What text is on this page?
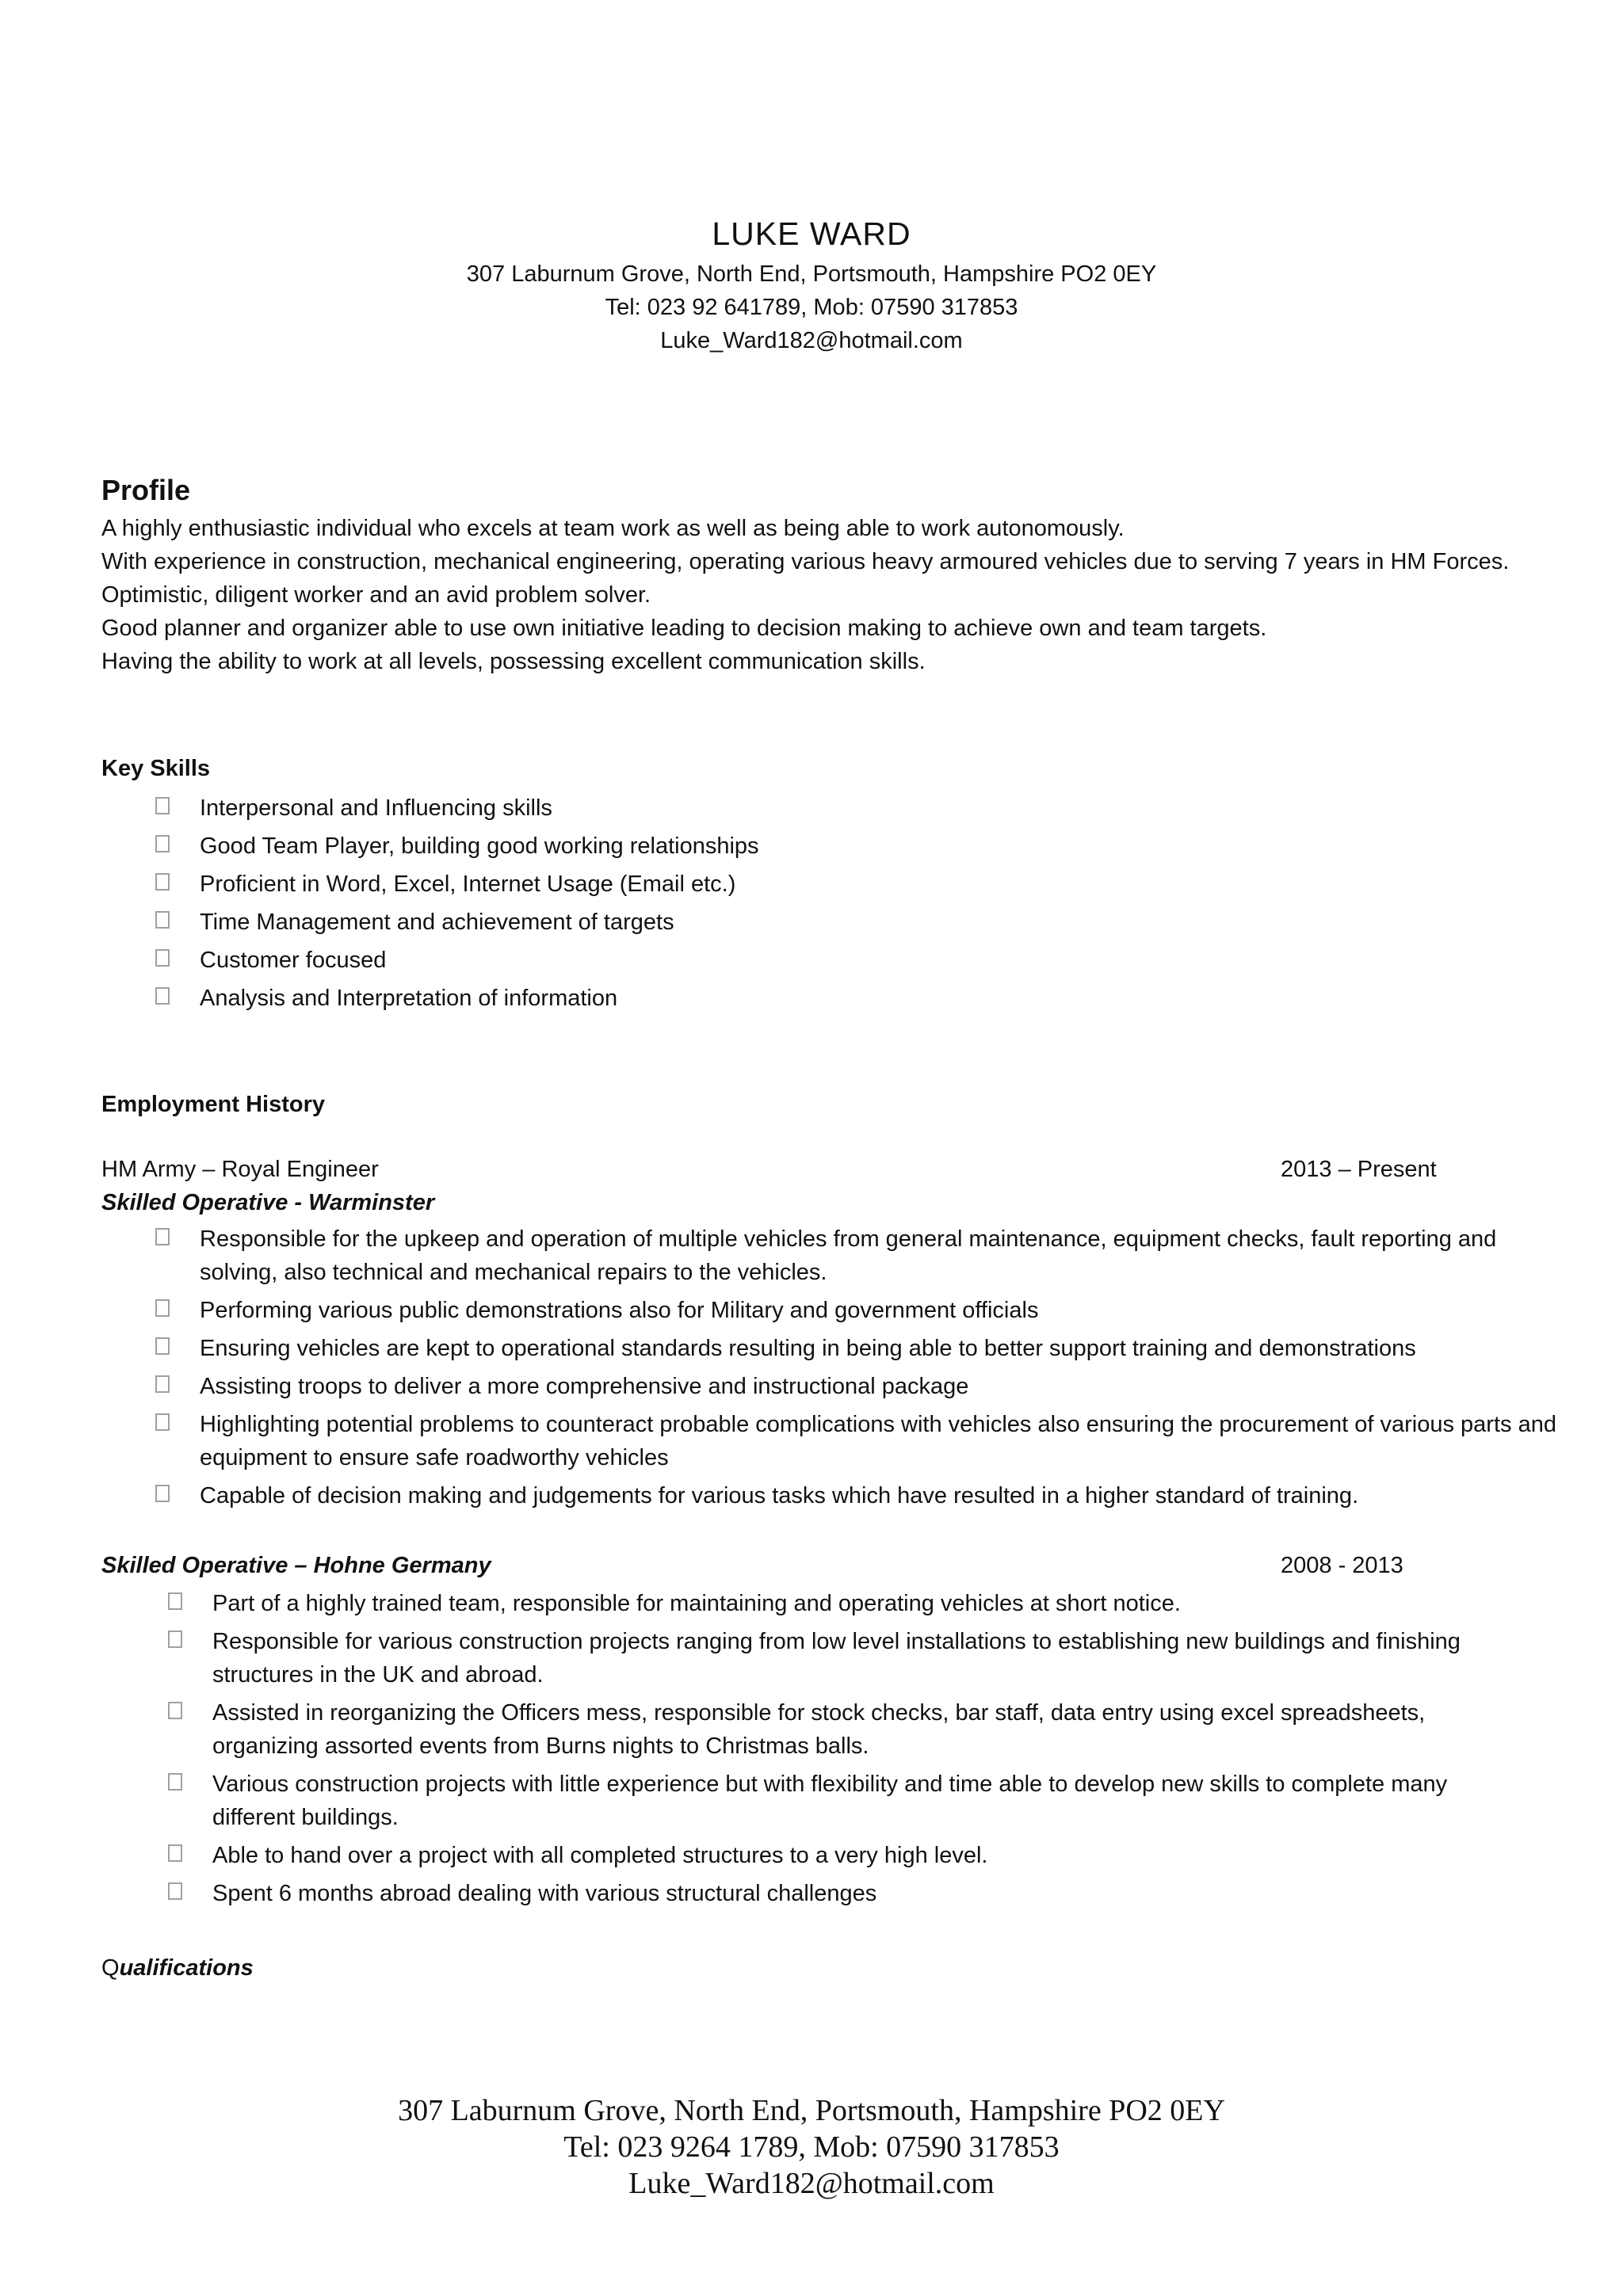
LUKE WARD
307 Laburnum Grove, North End, Portsmouth, Hampshire PO2 0EY
Tel: 023 92 641789, Mob: 07590 317853
Luke_Ward182@hotmail.com
Profile

A highly enthusiastic individual who excels at team work as well as being able to work autonomously.

With experience in construction, mechanical engineering, operating various heavy armoured vehicles due to serving 7 years in HM Forces.

Optimistic, diligent worker and an avid problem solver.

Good planner and organizer able to use own initiative leading to decision making to achieve own and team targets.

Having the ability to work at all levels, possessing excellent communication skills.

Key Skills
Interpersonal and Influencing skills
Good Team Player, building good working relationships
Proficient in Word, Excel, Internet Usage (Email etc.)
Time Management and achievement of targets
Customer focused
Analysis and Interpretation of information
Employment History
HM Army – Royal Engineer	2013 – Present
Skilled Operative - Warminster
Responsible for the upkeep and operation of multiple vehicles from general maintenance, equipment checks, fault reporting and solving, also technical and mechanical repairs to the vehicles.
Performing various public demonstrations also for Military and government officials
Ensuring vehicles are kept to operational standards resulting in being able to better support training and demonstrations
Assisting troops to deliver a more comprehensive and instructional package
Highlighting potential problems to counteract probable complications with vehicles also ensuring the procurement of various parts and equipment to ensure safe roadworthy vehicles
Capable of decision making and judgements for various tasks which have resulted in a higher standard of training.
Skilled Operative – Hohne Germany	2008 - 2013
Part of a highly trained team, responsible for maintaining and operating vehicles at short notice.
Responsible for various construction projects ranging from low level installations to establishing new buildings and finishing structures in the UK and abroad.
Assisted in reorganizing the Officers mess, responsible for stock checks, bar staff, data entry using excel spreadsheets, organizing assorted events from Burns nights to Christmas balls.
Various construction projects with little experience but with flexibility and time able to develop new skills to complete many different buildings.
Able to hand over a project with all completed structures to a very high level.
Spent 6 months abroad dealing with various structural challenges
Qualifications
307 Laburnum Grove, North End, Portsmouth, Hampshire PO2 0EY
Tel: 023 9264 1789, Mob: 07590 317853
Luke_Ward182@hotmail.com
